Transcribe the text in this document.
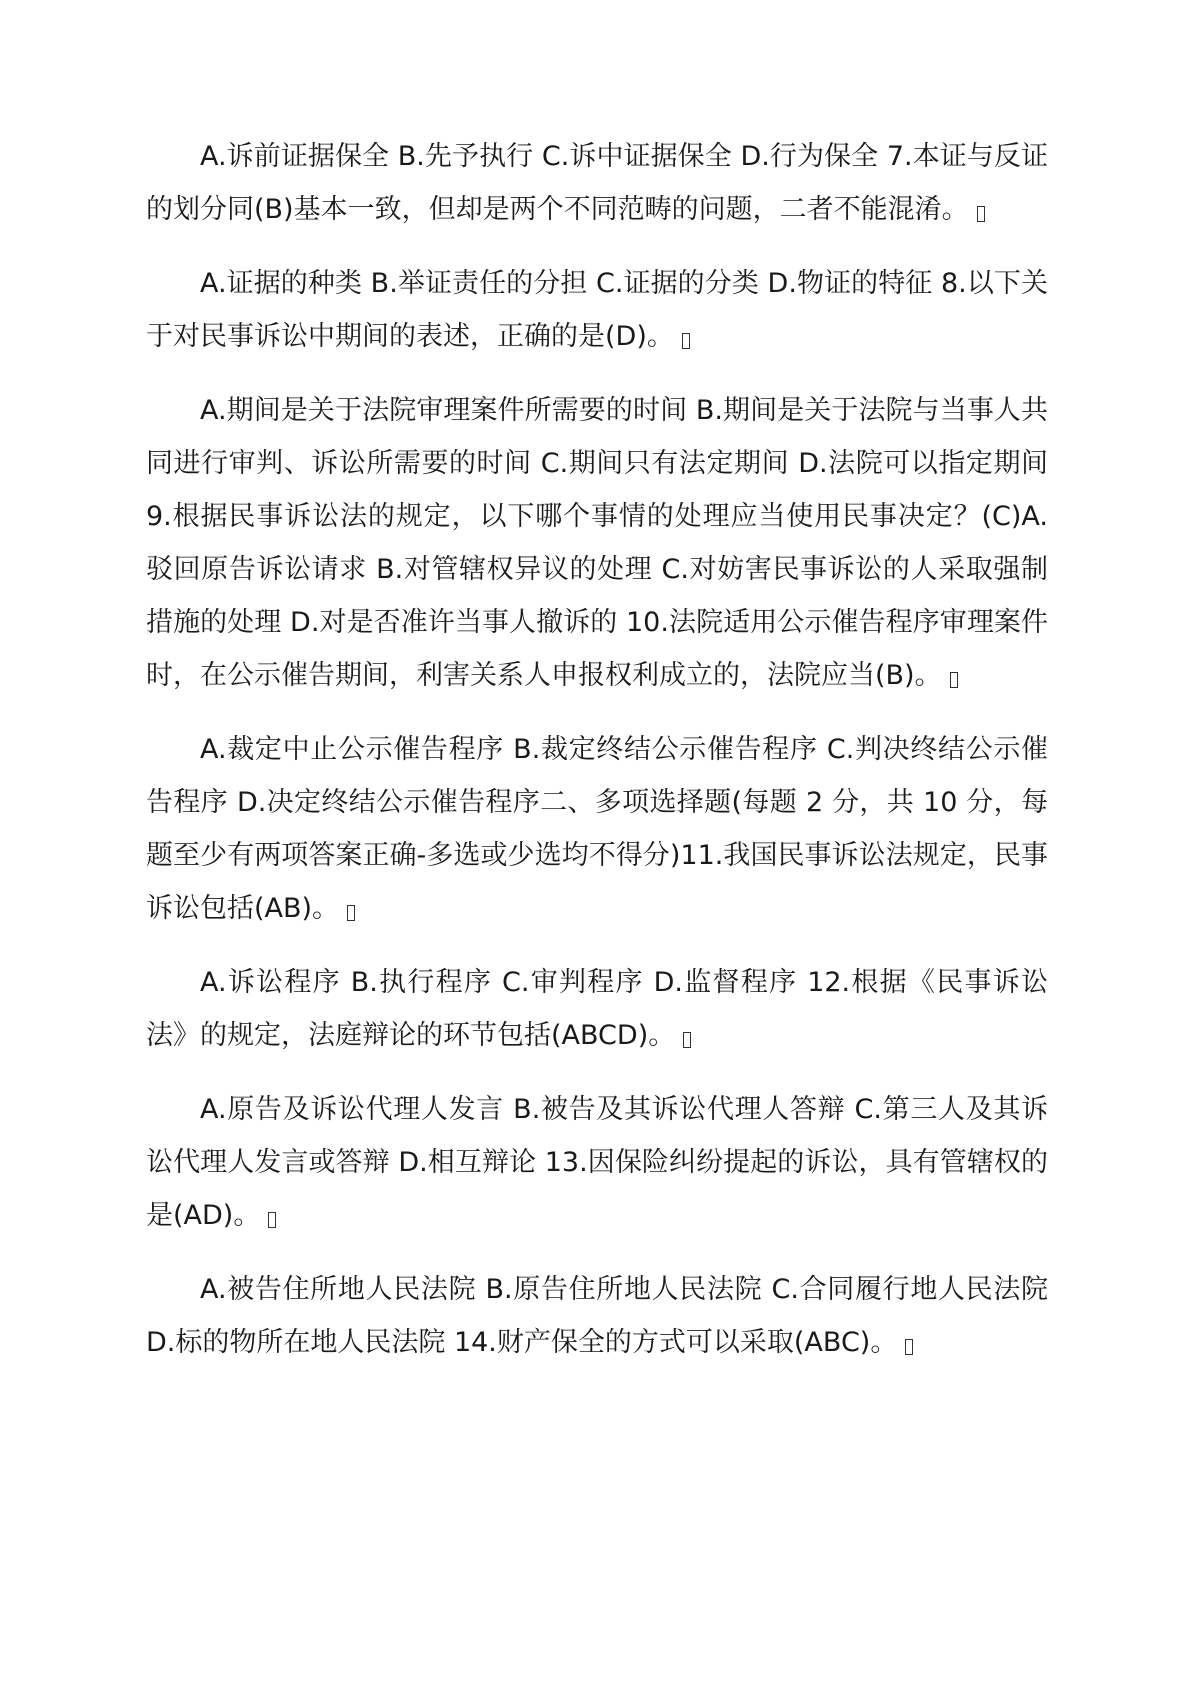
A.诉前证据保全 B.先予执行 C.诉中证据保全 D.行为保全 7.本证与反证的划分同(B)基本一致，但却是两个不同范畴的问题，二者不能混淆。

A.证据的种类 B.举证责任的分担 C.证据的分类 D.物证的特征 8.以下关于对民事诉讼中期间的表述，正确的是(D)。

A.期间是关于法院审理案件所需要的时间 B.期间是关于法院与当事人共同进行审判、诉讼所需要的时间 C.期间只有法定期间 D.法院可以指定期间 9.根据民事诉讼法的规定，以下哪个事情的处理应当使用民事决定？(C)A.驳回原告诉讼请求 B.对管辖权异议的处理 C.对妨害民事诉讼的人采取强制措施的处理 D.对是否准许当事人撤诉的 10.法院适用公示催告程序审理案件时，在公示催告期间，利害关系人申报权利成立的，法院应当(B)。

A.裁定中止公示催告程序 B.裁定终结公示催告程序 C.判决终结公示催告程序 D.决定终结公示催告程序二、多项选择题(每题 2 分，共 10 分，每题至少有两项答案正确-多选或少选均不得分)11.我国民事诉讼法规定，民事诉讼包括(AB)。

A.诉讼程序 B.执行程序 C.审判程序 D.监督程序 12.根据《民事诉讼法》的规定，法庭辩论的环节包括(ABCD)。

A.原告及诉讼代理人发言 B.被告及其诉讼代理人答辩 C.第三人及其诉讼代理人发言或答辩 D.相互辩论 13.因保险纠纷提起的诉讼，具有管辖权的是(AD)。

A.被告住所地人民法院 B.原告住所地人民法院 C.合同履行地人民法院 D.标的物所在地人民法院 14.财产保全的方式可以采取(ABC)。
